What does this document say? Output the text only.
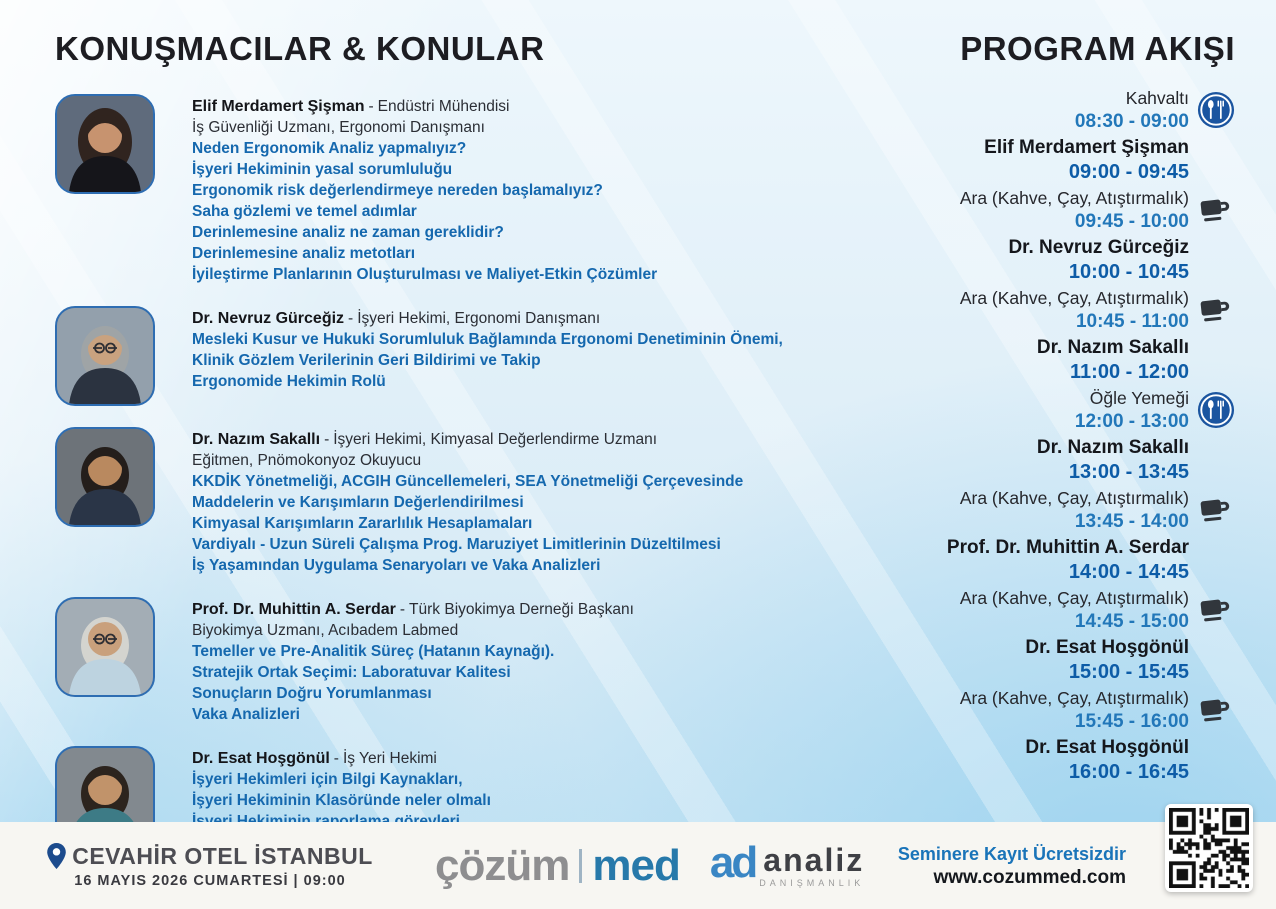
KONUŞMACILAR & KONULAR
Elif Merdamert Şişman - Endüstri Mühendisi
İş Güvenliği Uzmanı, Ergonomi Danışmanı
Neden Ergonomik Analiz yapmalıyız?
İşyeri Hekiminin yasal sorumluluğu
Ergonomik risk değerlendirmeye nereden başlamalıyız?
Saha gözlemi ve temel adımlar
Derinlemesine analiz ne zaman gereklidir?
Derinlemesine analiz metotları
İyileştirme Planlarının Oluşturulması ve Maliyet-Etkin Çözümler
Dr. Nevruz Gürceğiz - İşyeri Hekimi, Ergonomi Danışmanı
Mesleki Kusur ve Hukuki Sorumluluk Bağlamında Ergonomi Denetiminin Önemi,
Klinik Gözlem Verilerinin Geri Bildirimi ve Takip
Ergonomide Hekimin Rolü
Dr. Nazım Sakallı - İşyeri Hekimi, Kimyasal Değerlendirme Uzmanı
Eğitmen, Pnömokonyoz Okuyucu
KKDİK Yönetmeliği, ACGIH Güncellemeleri, SEA Yönetmeliği Çerçevesinde
Maddelerin ve Karışımların Değerlendirilmesi
Kimyasal Karışımların Zararlılık Hesaplamaları
Vardiyalı - Uzun Süreli Çalışma Prog. Maruziyet Limitlerinin Düzeltilmesi
İş Yaşamından Uygulama Senaryoları ve Vaka Analizleri
Prof. Dr. Muhittin A. Serdar - Türk Biyokimya Derneği Başkanı
Biyokimya Uzmanı, Acıbadem Labmed
Temeller ve Pre-Analitik Süreç (Hatanın Kaynağı).
Stratejik Ortak Seçimi: Laboratuvar Kalitesi
Sonuçların Doğru Yorumlanması
Vaka Analizleri
Dr. Esat Hoşgönül - İş Yeri Hekimi
İşyeri Hekimleri için Bilgi Kaynakları,
İşyeri Hekiminin Klasöründe neler olmalı
PROGRAM AKIŞI
Kahvaltı
08:30 - 09:00
Elif Merdamert Şişman
09:00 - 09:45
Ara (Kahve, Çay, Atıştırmalık)
09:45 - 10:00
Dr. Nevruz Gürceğiz
10:00 - 10:45
Ara (Kahve, Çay, Atıştırmalık)
10:45 - 11:00
Dr. Nazım Sakallı
11:00 - 12:00
Öğle Yemeği
12:00 - 13:00
Dr. Nazım Sakallı
13:00 - 13:45
Ara (Kahve, Çay, Atıştırmalık)
13:45 - 14:00
Prof. Dr. Muhittin A. Serdar
14:00 - 14:45
Ara (Kahve, Çay, Atıştırmalık)
14:45 - 15:00
Dr. Esat Hoşgönül
15:00 - 15:45
Ara (Kahve, Çay, Atıştırmalık)
15:45 - 16:00
Dr. Esat Hoşgönül
16:00 - 16:45
CEVAHİR OTEL İSTANBUL
16 MAYIS 2026 CUMARTESİ | 09:00	çözüm med ad analiz
DANIŞMANLIK
Seminere Kayıt Ücretsizdir
www.cozummed.com
